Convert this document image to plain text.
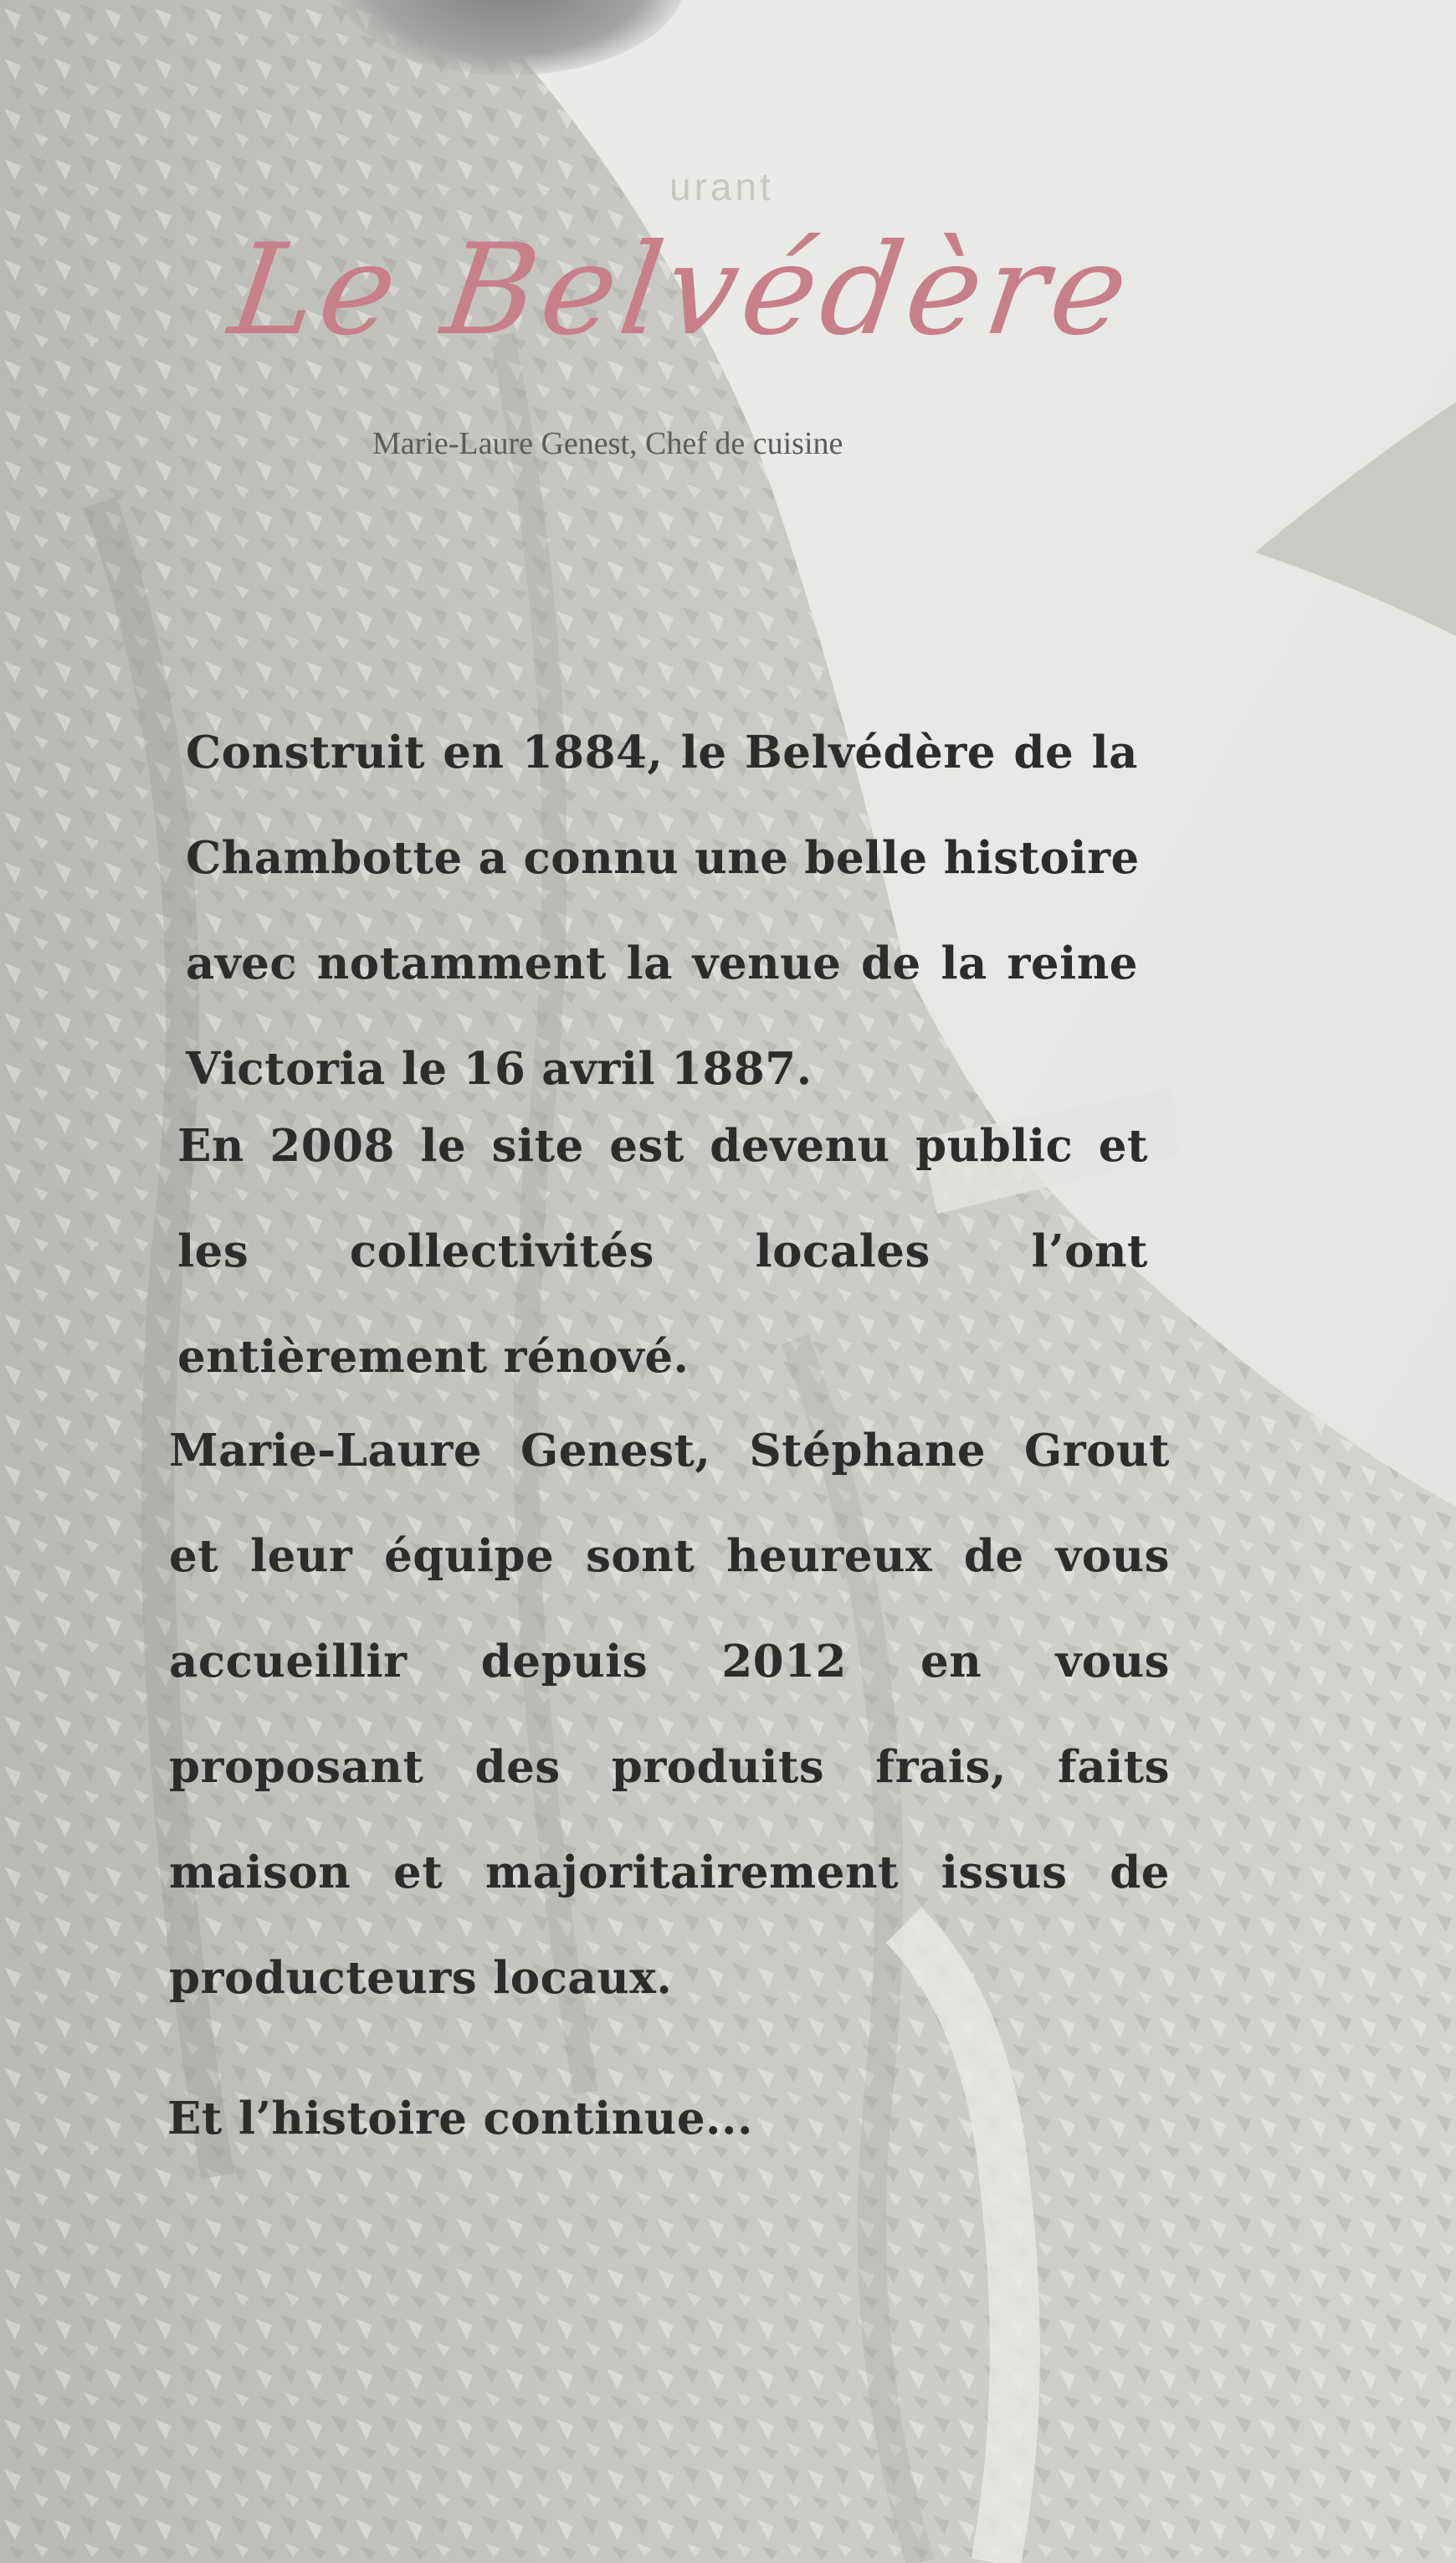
urant

Le Belvédère

Marie-Laure Genest, Chef de cuisine

Construit en 1884, le Belvédère de la
Chambotte a connu une belle histoire
avec notamment la venue de la reine
Victoria le 16 avril 1887.
En 2008 le site est devenu public et
les collectivités locales l’ont
entièrement rénové.
Marie-Laure Genest, Stéphane Grout
et leur équipe sont heureux de vous
accueillir depuis 2012 en vous
proposant des produits frais, faits
maison et majoritairement issus de
producteurs locaux.
Et l’histoire continue...
